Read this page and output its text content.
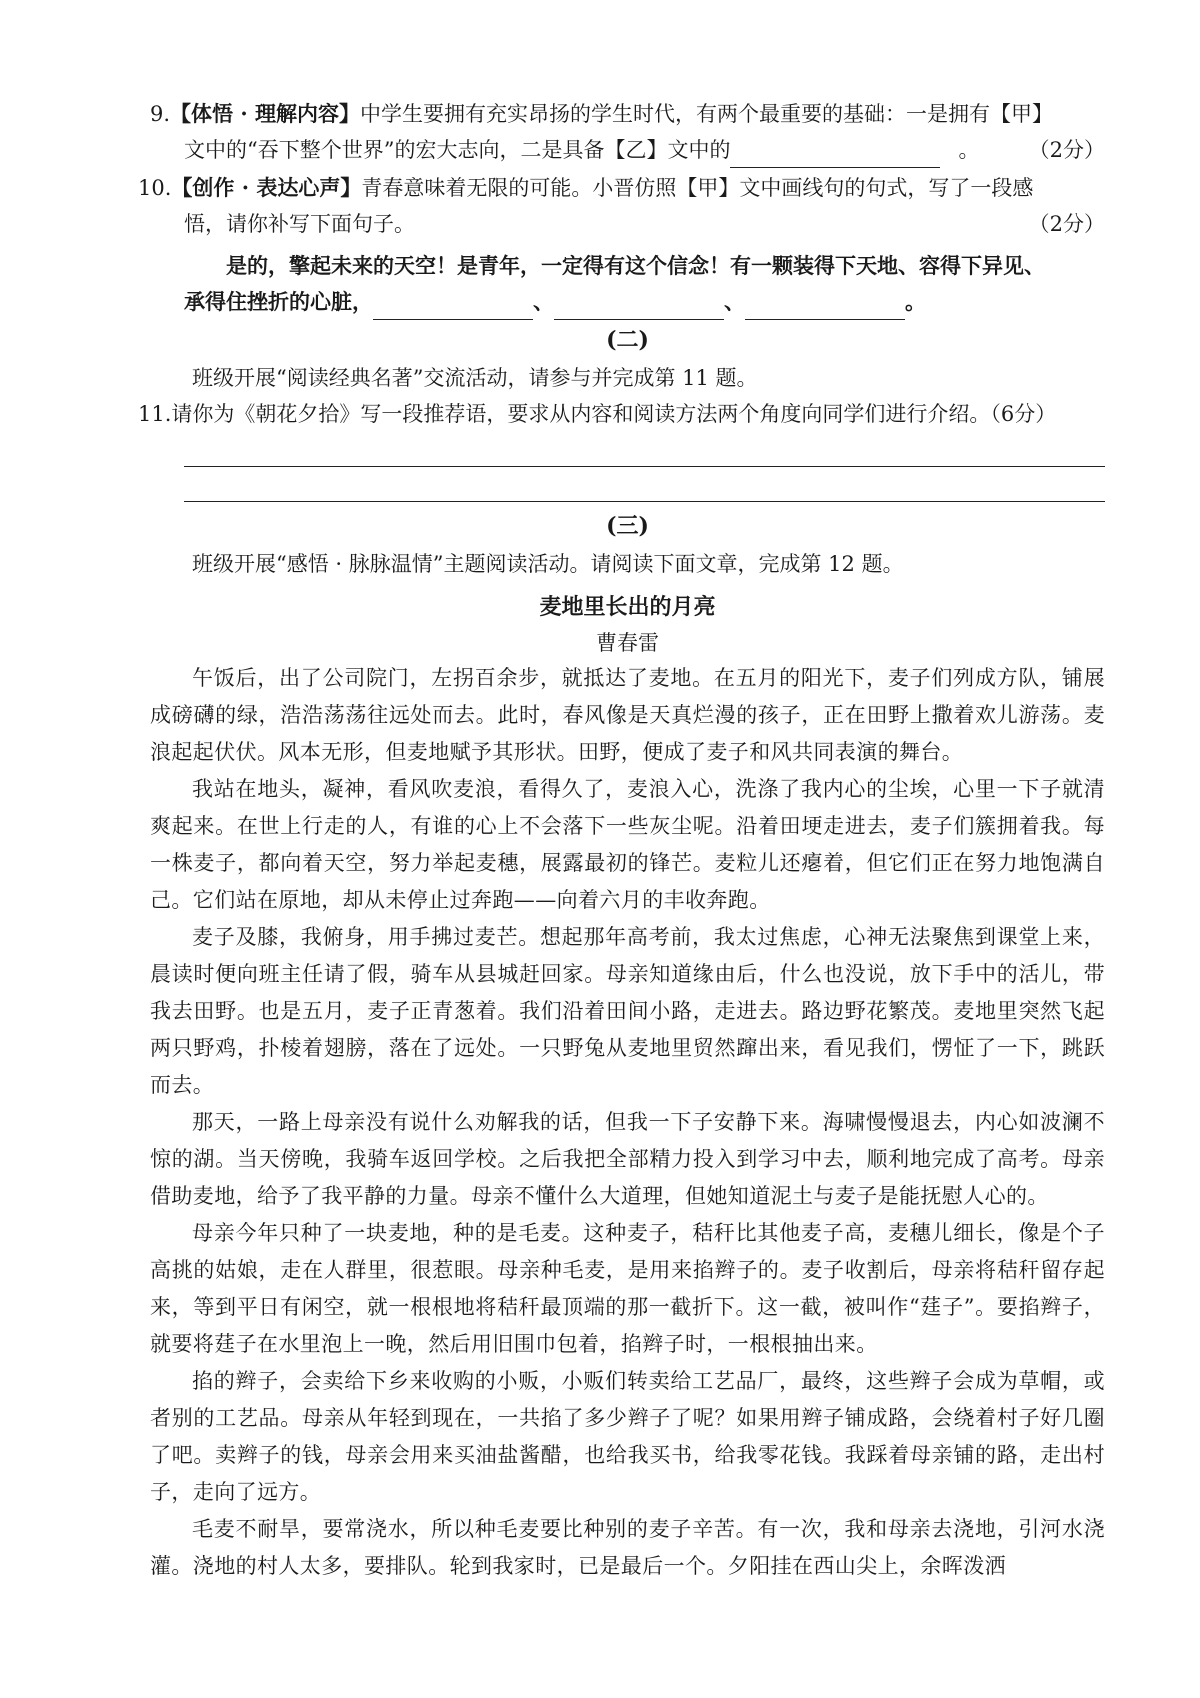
9.【体悟 · 理解内容】中学生要拥有充实昂扬的学生时代，有两个最重要的基础：一是拥有【甲】
文中的“吞下整个世界”的宏大志向，二是具备【乙】文中的	。 （2分）

10.【创作 · 表达心声】青春意味着无限的可能。小晋仿照【甲】文中画线句的句式，写了一段感
悟，请你补写下面句子。	（2分）

是的，擎起未来的天空！是青年，一定得有这个信念！有一颗装得下天地、容得下异见、
承得住挫折的心脏，	、	、	。

(二)

班级开展“阅读经典名著”交流活动，请参与并完成第 11 题。

11.请你为《朝花夕拾》写一段推荐语，要求从内容和阅读方法两个角度向同学们进行介绍。（6分）

(三)

班级开展“感悟 · 脉脉温情”主题阅读活动。请阅读下面文章，完成第 12 题。

麦地里长出的月亮
曹春雷

午饭后，出了公司院门，左拐百余步，就抵达了麦地。在五月的阳光下，麦子们列成方队，铺展成磅礴的绿，浩浩荡荡往远处而去。此时，春风像是天真烂漫的孩子，正在田野上撒着欢儿游荡。麦浪起起伏伏。风本无形，但麦地赋予其形状。田野，便成了麦子和风共同表演的舞台。

我站在地头，凝神，看风吹麦浪，看得久了，麦浪入心，洗涤了我内心的尘埃，心里一下子就清爽起来。在世上行走的人，有谁的心上不会落下一些灰尘呢。沿着田埂走进去，麦子们簇拥着我。每一株麦子，都向着天空，努力举起麦穗，展露最初的锋芒。麦粒儿还瘪着，但它们正在努力地饱满自己。它们站在原地，却从未停止过奔跑——向着六月的丰收奔跑。

麦子及膝，我俯身，用手拂过麦芒。想起那年高考前，我太过焦虑，心神无法聚焦到课堂上来，晨读时便向班主任请了假，骑车从县城赶回家。母亲知道缘由后，什么也没说，放下手中的活儿，带我去田野。也是五月，麦子正青葱着。我们沿着田间小路，走进去。路边野花繁茂。麦地里突然飞起两只野鸡，扑棱着翅膀，落在了远处。一只野兔从麦地里贸然蹿出来，看见我们，愣怔了一下，跳跃而去。

那天，一路上母亲没有说什么劝解我的话，但我一下子安静下来。海啸慢慢退去，内心如波澜不惊的湖。当天傍晚，我骑车返回学校。之后我把全部精力投入到学习中去，顺利地完成了高考。母亲借助麦地，给予了我平静的力量。母亲不懂什么大道理，但她知道泥土与麦子是能抚慰人心的。

母亲今年只种了一块麦地，种的是毛麦。这种麦子，秸秆比其他麦子高，麦穗儿细长，像是个子高挑的姑娘，走在人群里，很惹眼。母亲种毛麦，是用来掐辫子的。麦子收割后，母亲将秸秆留存起来，等到平日有闲空，就一根根地将秸秆最顶端的那一截折下。这一截，被叫作“莛子”。要掐辫子，就要将莛子在水里泡上一晚，然后用旧围巾包着，掐辫子时，一根根抽出来。

掐的辫子，会卖给下乡来收购的小贩，小贩们转卖给工艺品厂，最终，这些辫子会成为草帽，或者别的工艺品。母亲从年轻到现在，一共掐了多少辫子了呢？如果用辫子铺成路，会绕着村子好几圈了吧。卖辫子的钱，母亲会用来买油盐酱醋，也给我买书，给我零花钱。我踩着母亲铺的路，走出村子，走向了远方。

毛麦不耐旱，要常浇水，所以种毛麦要比种别的麦子辛苦。有一次，我和母亲去浇地，引河水浇灌。浇地的村人太多，要排队。轮到我家时，已是最后一个。夕阳挂在西山尖上，余晖泼洒
